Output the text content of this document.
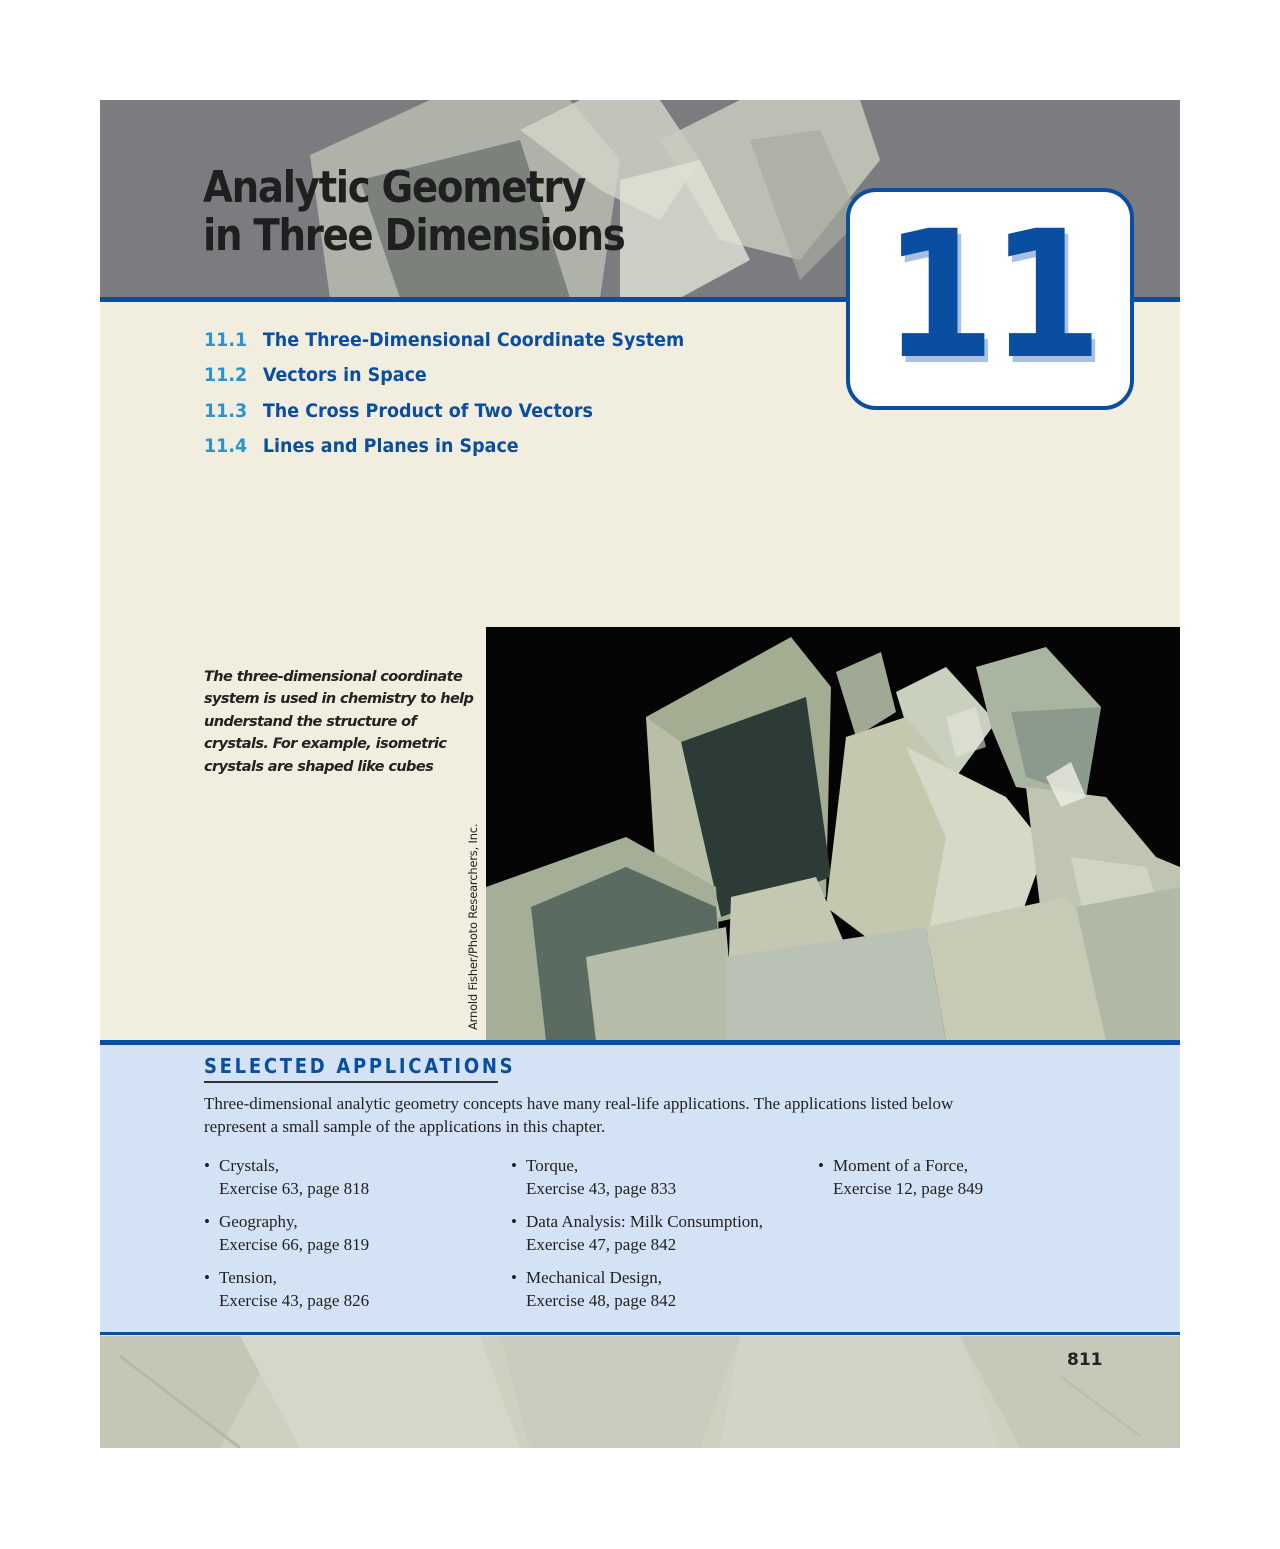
Analytic Geometry
in Three Dimensions 11
11.1 The Three-Dimensional Coordinate System
11.2 Vectors in Space
11.3 The Cross Product of Two Vectors
11.4 Lines and Planes in Space

The three-dimensional coordinate system is used in chemistry to help understand the structure of crystals. For example, isometric crystals are shaped like cubes

Arnold Fisher/Photo Researchers, Inc.
SELECTED APPLICATIONS

Three-dimensional analytic geometry concepts have many real-life applications. The applications listed below represent a small sample of the applications in this chapter.

• Crystals,
Exercise 63, page 818
• Geography,
Exercise 66, page 819
• Tension,
Exercise 43, page 826
• Torque,
Exercise 43, page 833
• Data Analysis: Milk Consumption,
Exercise 47, page 842
• Mechanical Design,
Exercise 48, page 842
• Moment of a Force,
Exercise 12, page 849
811
